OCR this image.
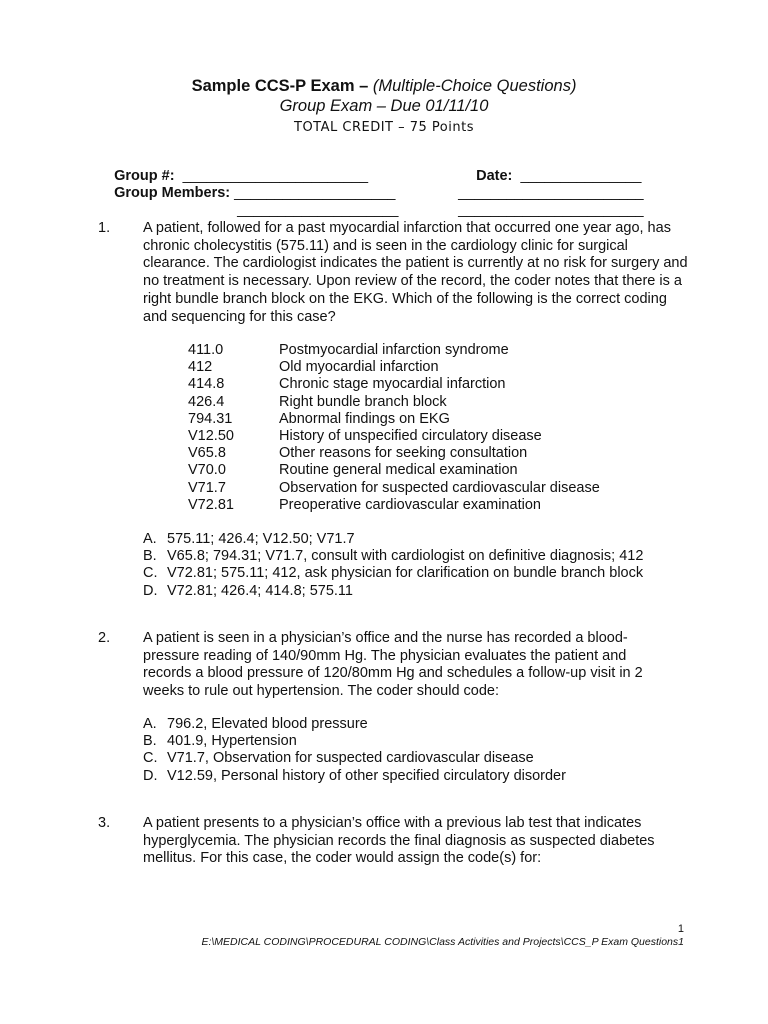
Sample CCS-P Exam – (Multiple-Choice Questions)
Group Exam – Due 01/11/10
TOTAL CREDIT – 75 Points

Group #: _______________________
	Date: _______________

Group Members: ____________________
	_______________________

____________________
	_______________________

1. A patient, followed for a past myocardial infarction that occurred one year ago, has chronic cholecystitis (575.11) and is seen in the cardiology clinic for surgical clearance. The cardiologist indicates the patient is currently at no risk for surgery and no treatment is necessary. Upon review of the record, the coder notes that there is a right bundle branch block on the EKG. Which of the following is the correct coding and sequencing for this case?
411.0	Postmyocardial infarction syndrome
412	Old myocardial infarction
414.8	Chronic stage myocardial infarction
426.4	Right bundle branch block
794.31	Abnormal findings on EKG
V12.50	History of unspecified circulatory disease
V65.8	Other reasons for seeking consultation
V70.0	Routine general medical examination
V71.7	Observation for suspected cardiovascular disease
V72.81	Preoperative cardiovascular examination
A. 575.11; 426.4; V12.50; V71.7
B. V65.8; 794.31; V71.7, consult with cardiologist on definitive diagnosis; 412
C. V72.81; 575.11; 412, ask physician for clarification on bundle branch block
D. V72.81; 426.4; 414.8; 575.11
2. A patient is seen in a physician’s office and the nurse has recorded a blood-pressure reading of 140/90mm Hg. The physician evaluates the patient and records a blood pressure of 120/80mm Hg and schedules a follow-up visit in 2 weeks to rule out hypertension. The coder should code:
A. 796.2, Elevated blood pressure
B. 401.9, Hypertension
C. V71.7, Observation for suspected cardiovascular disease
D. V12.59, Personal history of other specified circulatory disorder
3. A patient presents to a physician’s office with a previous lab test that indicates hyperglycemia. The physician records the final diagnosis as suspected diabetes mellitus. For this case, the coder would assign the code(s) for:
1
E:\MEDICAL CODING\PROCEDURAL CODING\Class Activities and Projects\CCS_P Exam Questions1
